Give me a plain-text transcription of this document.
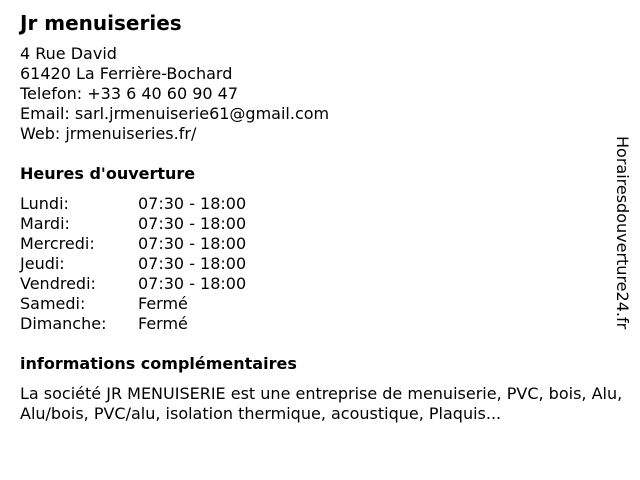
Jr menuiseries
4 Rue David
61420 La Ferrière-Bochard
Telefon: +33 6 40 60 90 47
Email: sarl.jrmenuiserie61@gmail.com
Web: jrmenuiseries.fr/
Heures d'ouverture
Lundi:	07:30 - 18:00
Mardi:	07:30 - 18:00
Mercredi:	07:30 - 18:00
Jeudi:	07:30 - 18:00
Vendredi:	07:30 - 18:00
Samedi:	Fermé
Dimanche: Fermé
informations complémentaires
La société JR MENUISERIE est une entreprise de menuiserie, PVC, bois, Alu, Alu/bois, PVC/alu, isolation thermique, acoustique, Plaquis...
Horairesdouverture24.fr
